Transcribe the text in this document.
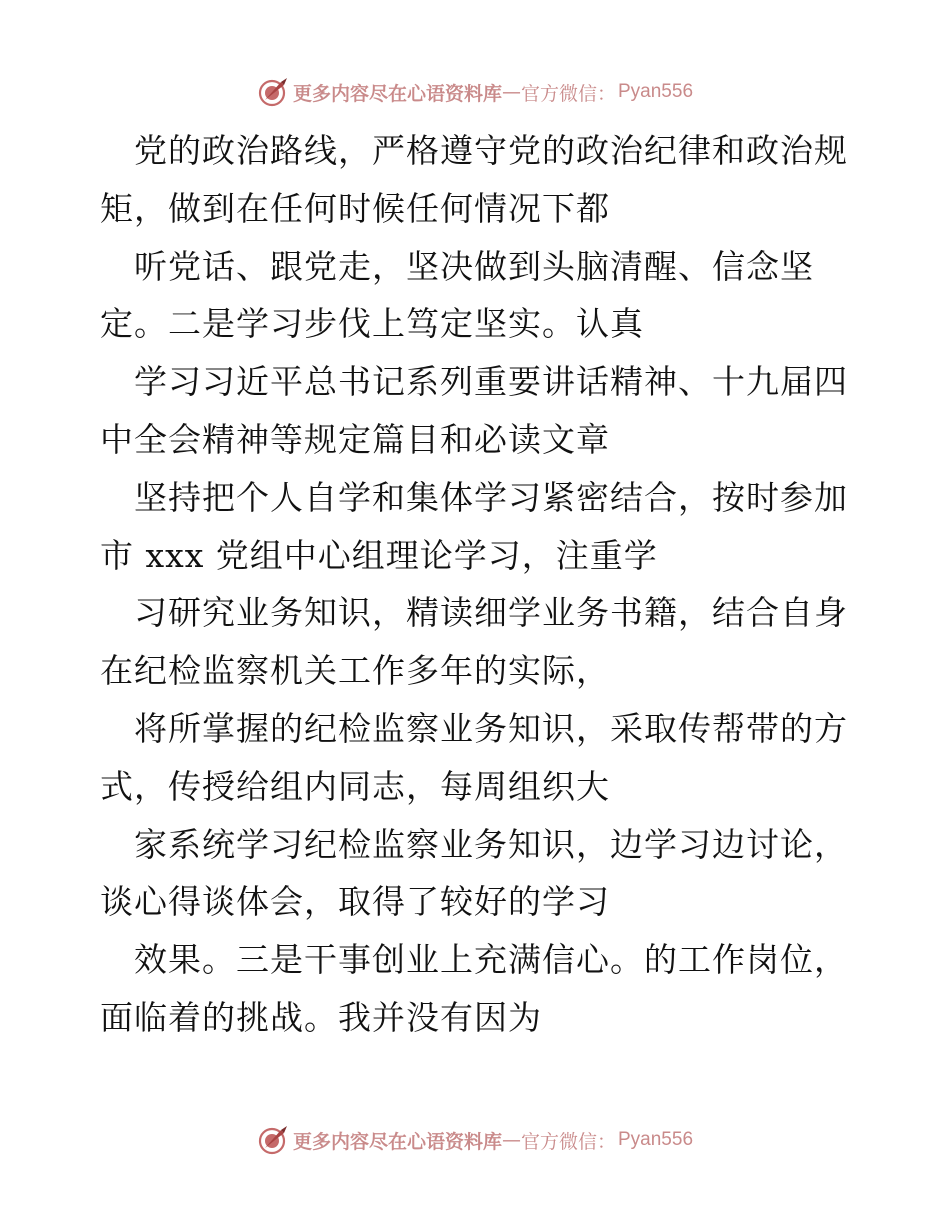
更多内容尽在心语资料库 — 官方微信： Pyan556
党的政治路线，严格遵守党的政治纪律和政治规
矩，做到在任何时候任何情况下都
听党话、跟党走，坚决做到头脑清醒、信念坚
定。二是学习步伐上笃定坚实。认真
学习习近平总书记系列重要讲话精神、十九届四
中全会精神等规定篇目和必读文章
坚持把个人自学和集体学习紧密结合，按时参加
市 xxx 党组中心组理论学习，注重学
习研究业务知识，精读细学业务书籍，结合自身
在纪检监察机关工作多年的实际，
将所掌握的纪检监察业务知识，采取传帮带的方
式，传授给组内同志，每周组织大
家系统学习纪检监察业务知识，边学习边讨论，
谈心得谈体会，取得了较好的学习
效果。三是干事创业上充满信心。的工作岗位，
面临着的挑战。我并没有因为
更多内容尽在心语资料库 — 官方微信： Pyan556
